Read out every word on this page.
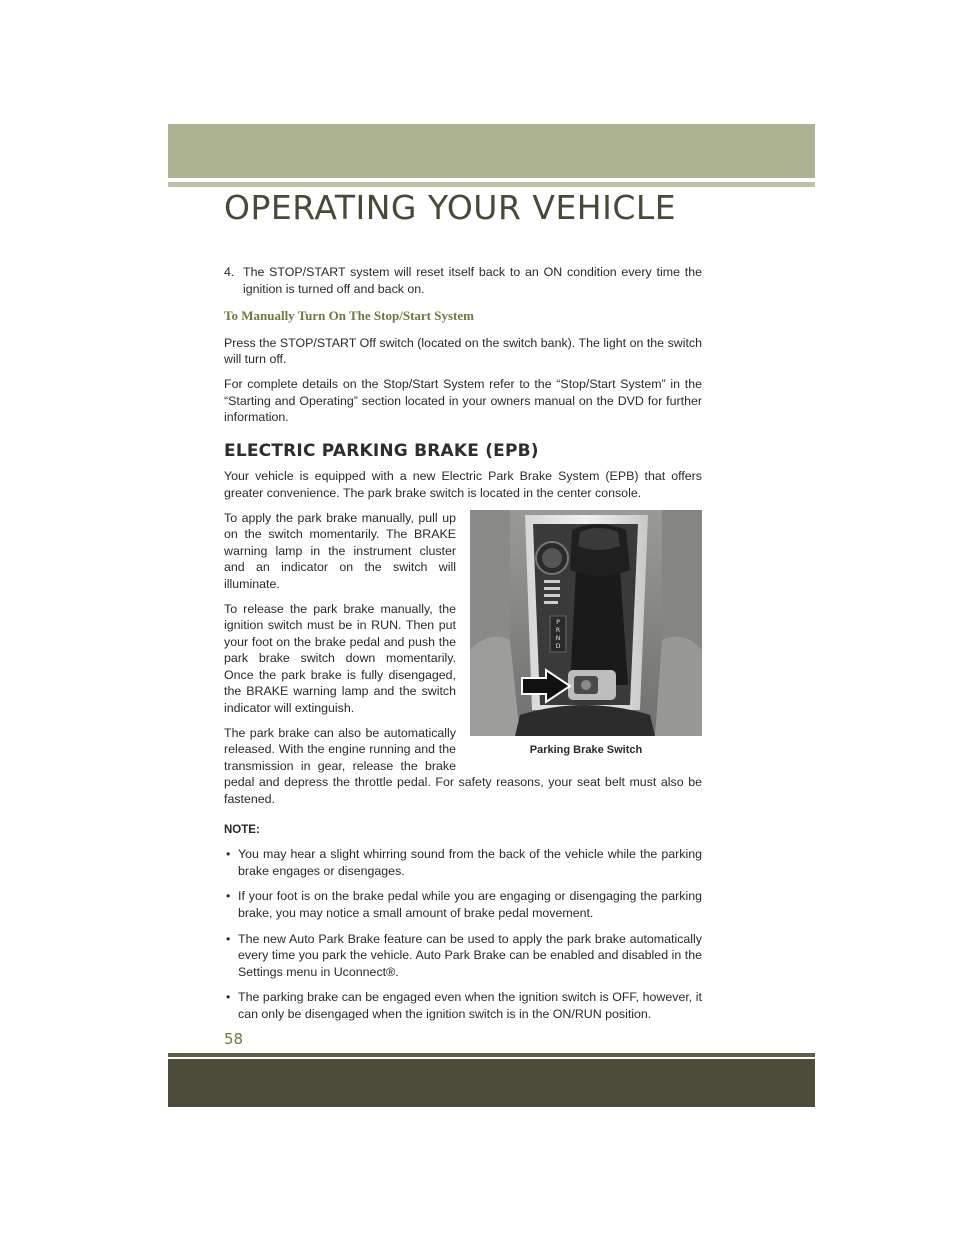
OPERATING YOUR VEHICLE
4. The STOP/START system will reset itself back to an ON condition every time the ignition is turned off and back on.
To Manually Turn On The Stop/Start System

Press the STOP/START Off switch (located on the switch bank). The light on the switch will turn off.

For complete details on the Stop/Start System refer to the “Stop/Start System” in the “Starting and Operating” section located in your owners manual on the DVD for further information.

ELECTRIC PARKING BRAKE (EPB)

Your vehicle is equipped with a new Electric Park Brake System (EPB) that offers greater convenience. The park brake switch is located in the center console.

P
R
N
D
Parking Brake Switch

To apply the park brake manually, pull up on the switch momentarily. The BRAKE warning lamp in the instrument cluster and an indicator on the switch will illuminate.

To release the park brake manually, the ignition switch must be in RUN. Then put your foot on the brake pedal and push the park brake switch down momentarily. Once the park brake is fully disengaged, the BRAKE warning lamp and the switch indicator will extinguish.

The park brake can also be automatically released. With the engine running and the transmission in gear, release the brake pedal and depress the throttle pedal. For safety reasons, your seat belt must also be fastened.

NOTE:
• You may hear a slight whirring sound from the back of the vehicle while the parking brake engages or disengages.
• If your foot is on the brake pedal while you are engaging or disengaging the parking brake, you may notice a small amount of brake pedal movement.
• The new Auto Park Brake feature can be used to apply the park brake automatically every time you park the vehicle. Auto Park Brake can be enabled and disabled in the Settings menu in Uconnect®.
• The parking brake can be engaged even when the ignition switch is OFF, however, it can only be disengaged when the ignition switch is in the ON/RUN position.
58
